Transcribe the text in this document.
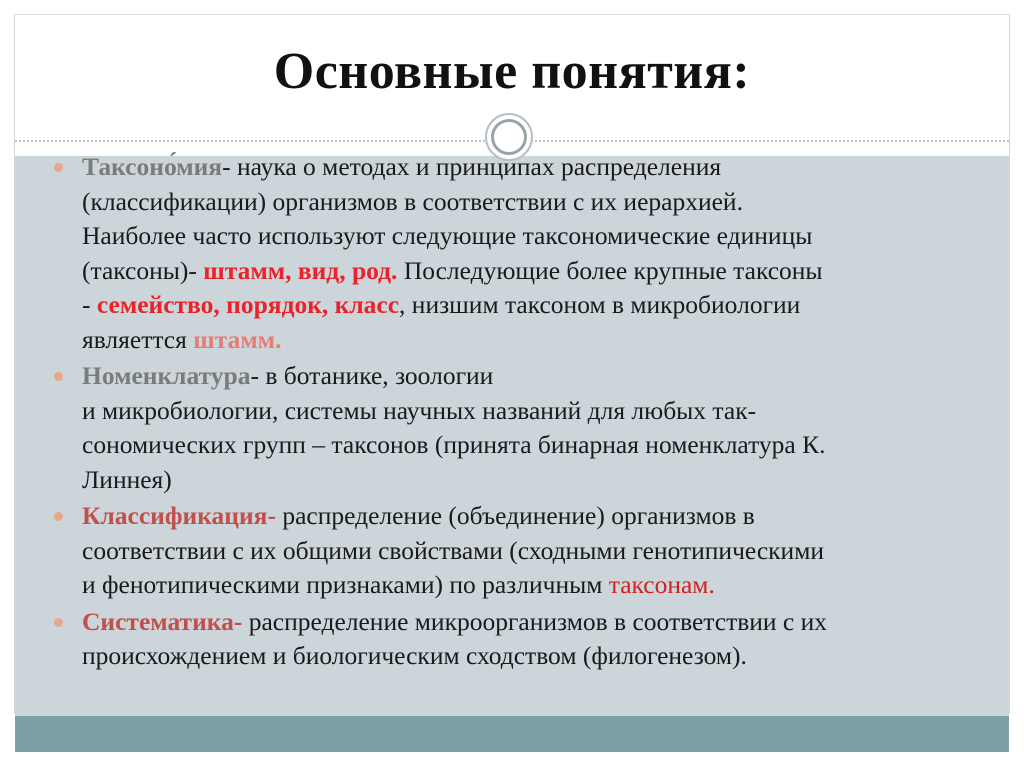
Основные понятия:
Таксоно́мия- наука о методах и принципах распределения
(классификации) организмов в соответствии с их иерархией.
Наиболее часто используют следующие таксономические единицы
(таксоны)- штамм, вид, род. Последующие более крупные таксоны
- семейство, порядок, класс, низшим таксоном в микробиологии
являеттся штамм.
Номенклатура- в ботанике, зоологии
и микробиологии, системы научных названий для любых так-
сономических групп – таксонов (принята бинарная номенклатура К.
Линнея)
Классификация- распределение (объединение) организмов в
соответствии с их общими свойствами (сходными генотипическими
и фенотипическими признаками) по различным таксонам.
Систематика- распределение микроорганизмов в соответствии с их
происхождением и биологическим сходством (филогенезом).
